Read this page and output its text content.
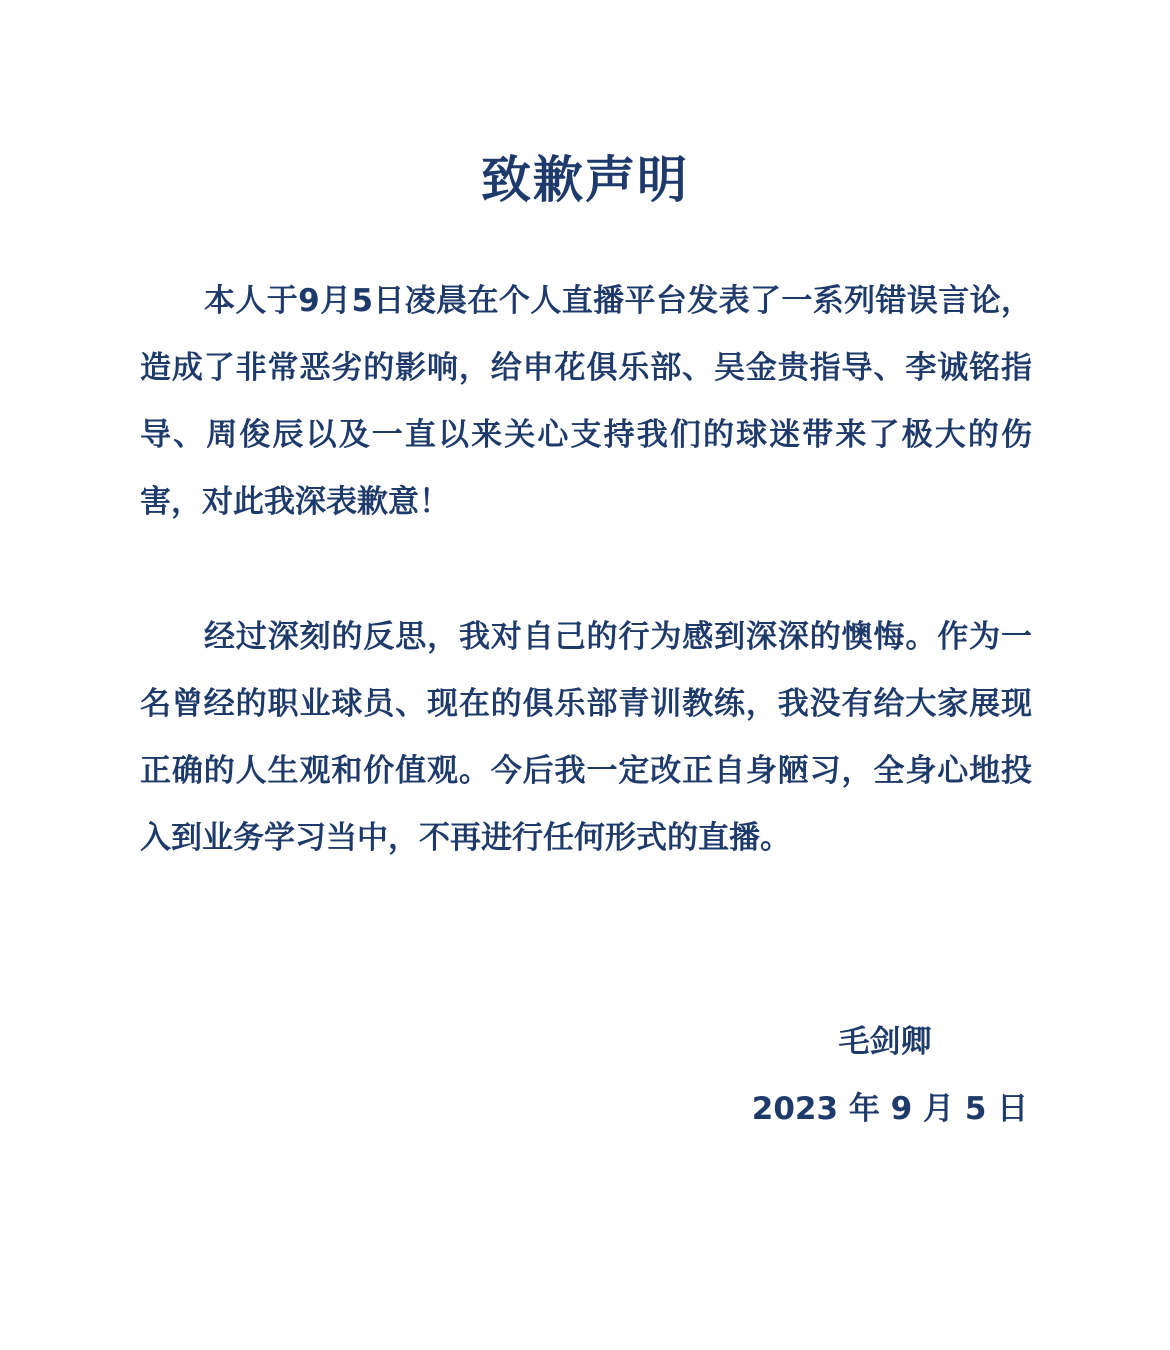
致歉声明

本人于9月5日凌晨在个人直播平台发表了一系列错误言论，造成了非常恶劣的影响，给申花俱乐部、吴金贵指导、李诚铭指导、周俊辰以及一直以来关心支持我们的球迷带来了极大的伤害，对此我深表歉意！

经过深刻的反思，我对自己的行为感到深深的懊悔。作为一名曾经的职业球员、现在的俱乐部青训教练，我没有给大家展现正确的人生观和价值观。今后我一定改正自身陋习，全身心地投入到业务学习当中，不再进行任何形式的直播。

毛剑卿
2023 年 9 月 5 日
